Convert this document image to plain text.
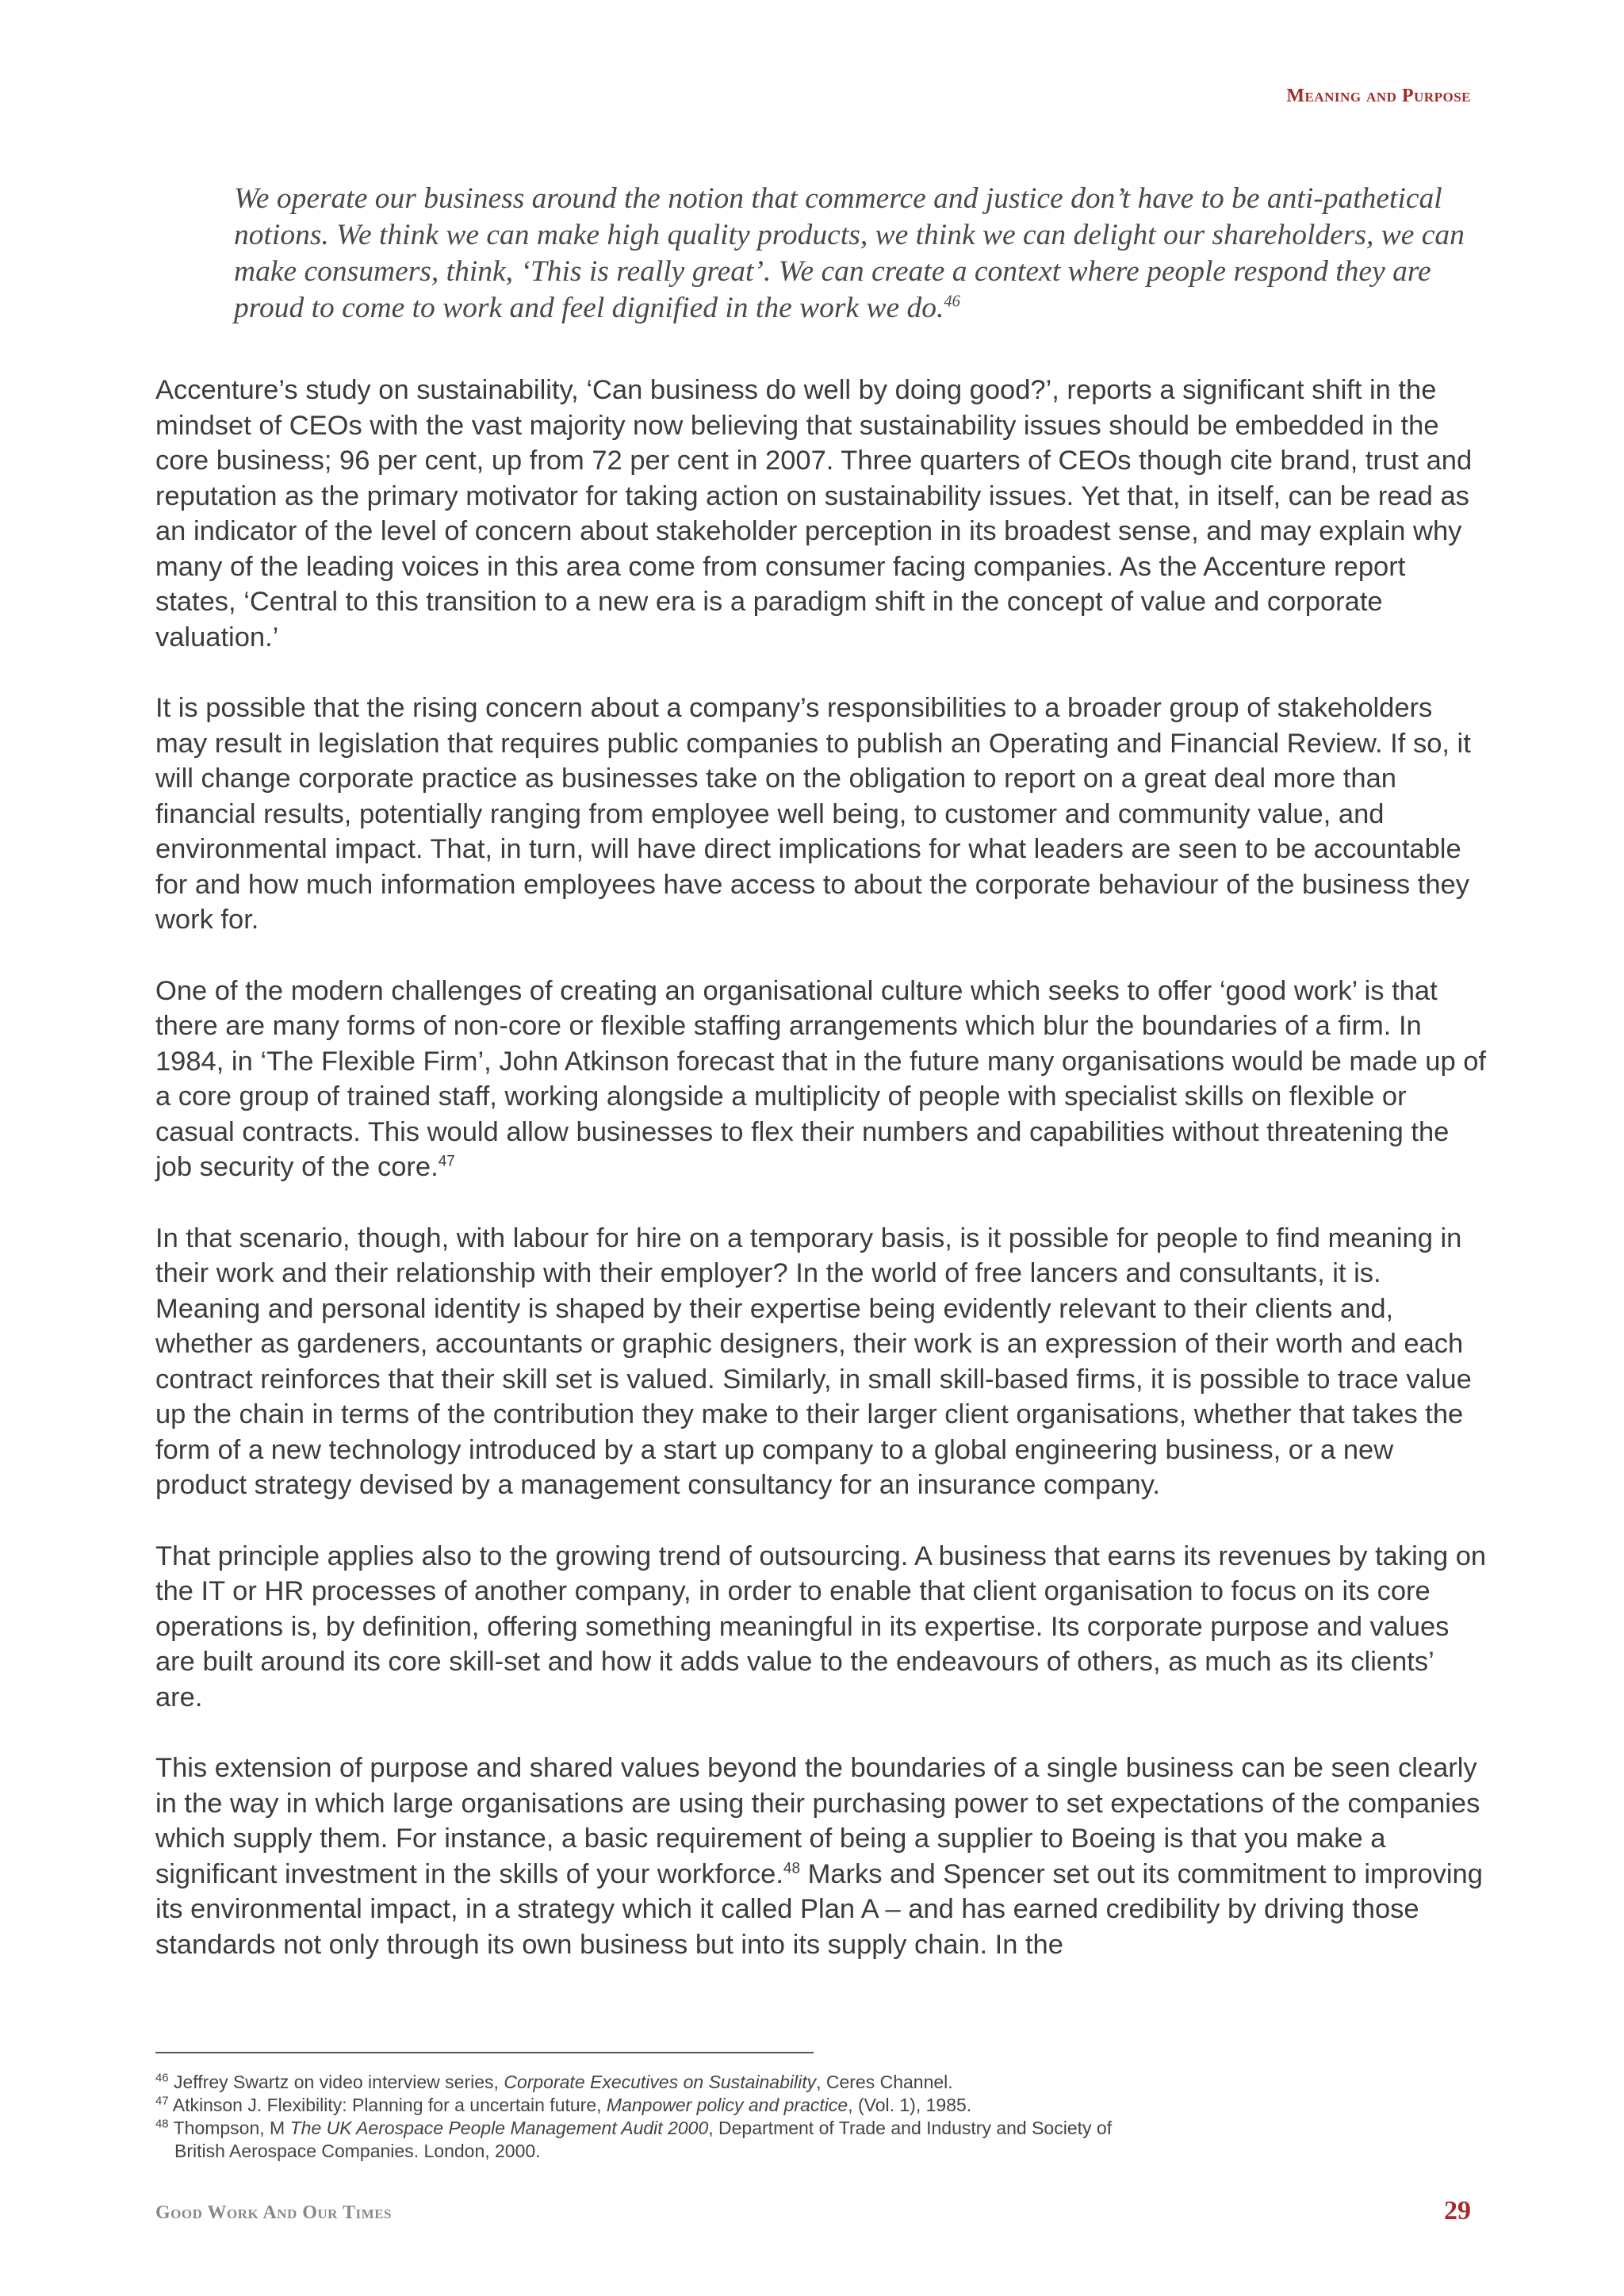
Meaning and Purpose

We operate our business around the notion that commerce and justice don’t have to be anti-pathetical notions. We think we can make high quality products, we think we can delight our shareholders, we can make consumers, think, ‘This is really great’. We can create a context where people respond they are proud to come to work and feel dignified in the work we do.$^{46}$

Accenture’s study on sustainability, ‘Can business do well by doing good?’, reports a significant shift in the mindset of CEOs with the vast majority now believing that sustainability issues should be embedded in the core business; 96 per cent, up from 72 per cent in 2007. Three quarters of CEOs though cite brand, trust and reputation as the primary motivator for taking action on sustainability issues. Yet that, in itself, can be read as an indicator of the level of concern about stakeholder perception in its broadest sense, and may explain why many of the leading voices in this area come from consumer facing companies. As the Accenture report states, ‘Central to this transition to a new era is a paradigm shift in the concept of value and corporate valuation.’

It is possible that the rising concern about a company’s responsibilities to a broader group of stakeholders may result in legislation that requires public companies to publish an Operating and Financial Review. If so, it will change corporate practice as businesses take on the obligation to report on a great deal more than financial results, potentially ranging from employee well being, to customer and community value, and environmental impact. That, in turn, will have direct implications for what leaders are seen to be accountable for and how much information employees have access to about the corporate behaviour of the business they work for.

One of the modern challenges of creating an organisational culture which seeks to offer ‘good work’ is that there are many forms of non-core or flexible staffing arrangements which blur the boundaries of a firm. In 1984, in ‘The Flexible Firm’, John Atkinson forecast that in the future many organisations would be made up of a core group of trained staff, working alongside a multiplicity of people with specialist skills on flexible or casual contracts. This would allow businesses to flex their numbers and capabilities without threatening the job security of the core.$^{47}$

In that scenario, though, with labour for hire on a temporary basis, is it possible for people to find meaning in their work and their relationship with their employer? In the world of free lancers and consultants, it is. Meaning and personal identity is shaped by their expertise being evidently relevant to their clients and, whether as gardeners, accountants or graphic designers, their work is an expression of their worth and each contract reinforces that their skill set is valued. Similarly, in small skill-based firms, it is possible to trace value up the chain in terms of the contribution they make to their larger client organisations, whether that takes the form of a new technology introduced by a start up company to a global engineering business, or a new product strategy devised by a management consultancy for an insurance company.

That principle applies also to the growing trend of outsourcing. A business that earns its revenues by taking on the IT or HR processes of another company, in order to enable that client organisation to focus on its core operations is, by definition, offering something meaningful in its expertise. Its corporate purpose and values are built around its core skill-set and how it adds value to the endeavours of others, as much as its clients’ are.

This extension of purpose and shared values beyond the boundaries of a single business can be seen clearly in the way in which large organisations are using their purchasing power to set expectations of the companies which supply them. For instance, a basic requirement of being a supplier to Boeing is that you make a significant investment in the skills of your workforce.$^{48}$ Marks and Spencer set out its commitment to improving its environmental impact, in a strategy which it called Plan A – and has earned credibility by driving those standards not only through its own business but into its supply chain. In the

$^{46}$ Jeffrey Swartz on video interview series, Corporate Executives on Sustainability, Ceres Channel.

$^{47}$ Atkinson J. Flexibility: Planning for a uncertain future, Manpower policy and practice, (Vol. 1), 1985.

$^{48}$ Thompson, M The UK Aerospace People Management Audit 2000, Department of Trade and Industry and Society of

British Aerospace Companies. London, 2000.

Good Work And Our Times	29
